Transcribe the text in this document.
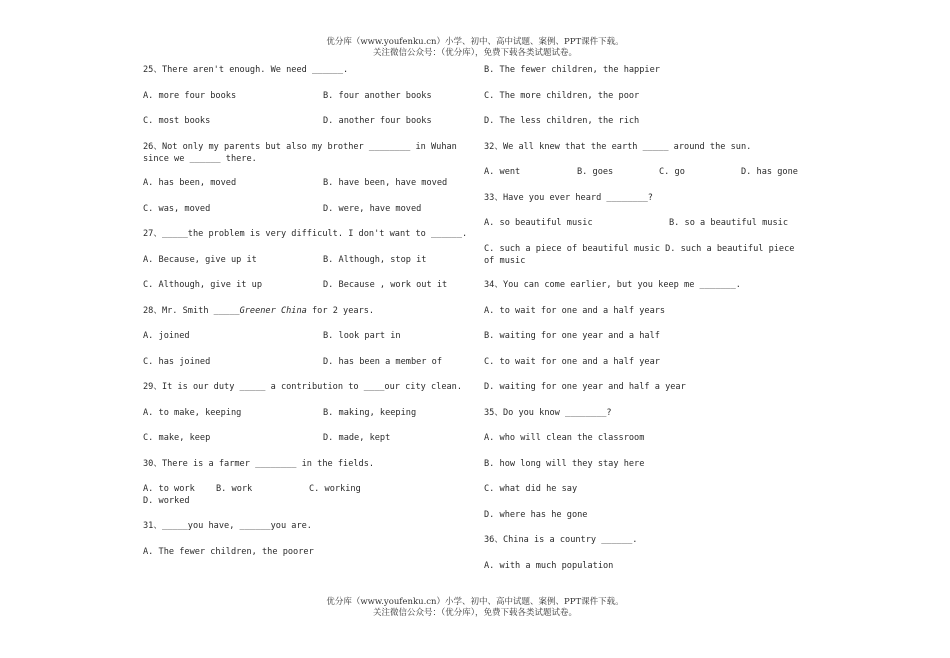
优分库（www.youfenku.cn）小学、初中、高中试题、案例、PPT课件下载。
关注微信公众号：（优分库），免费下载各类试题试卷。
25、There aren't enough. We need ______.
A. more four books	B. four another books
C. most books	D. another four books
26、Not only my parents but also my brother ________ in Wuhan since we ______ there.
A. has been, moved	B. have been, have moved
C. was, moved	D. were, have moved
27、_____the problem is very difficult. I don't want to ______.
A. Because, give up it	B. Although, stop it
C. Although, give it up	D. Because , work out it
28、Mr. Smith _____Greener China for 2 years.
A. joined	B. look part in
C. has joined	D. has been a member of
29、It is our duty _____ a contribution to ____our city clean.
A. to make, keeping	B. making, keeping
C. make, keep	D. made, kept
30、There is a farmer ________ in the fields.
A. to work	B. work	C. working
D. worked
31、_____you have, ______you are.
A. The fewer children, the poorer
B. The fewer children, the happier
C. The more children, the poor
D. The less children, the rich
32、We all knew that the earth _____ around the sun.
A. went	B. goes	C. go	D. has gone
33、Have you ever heard ________?
A. so beautiful music	B. so a beautiful music
C. such a piece of beautiful music D. such a beautiful piece of music
34、You can come earlier, but you keep me _______.
A. to wait for one and a half years
B. waiting for one year and a half
C. to wait for one and a half year
D. waiting for one year and half a year
35、Do you know ________?
A. who will clean the classroom
B. how long will they stay here
C. what did he say
D. where has he gone
36、China is a country ______.
A. with a much population
优分库（www.youfenku.cn）小学、初中、高中试题、案例、PPT课件下载。
关注微信公众号：（优分库），免费下载各类试题试卷。
